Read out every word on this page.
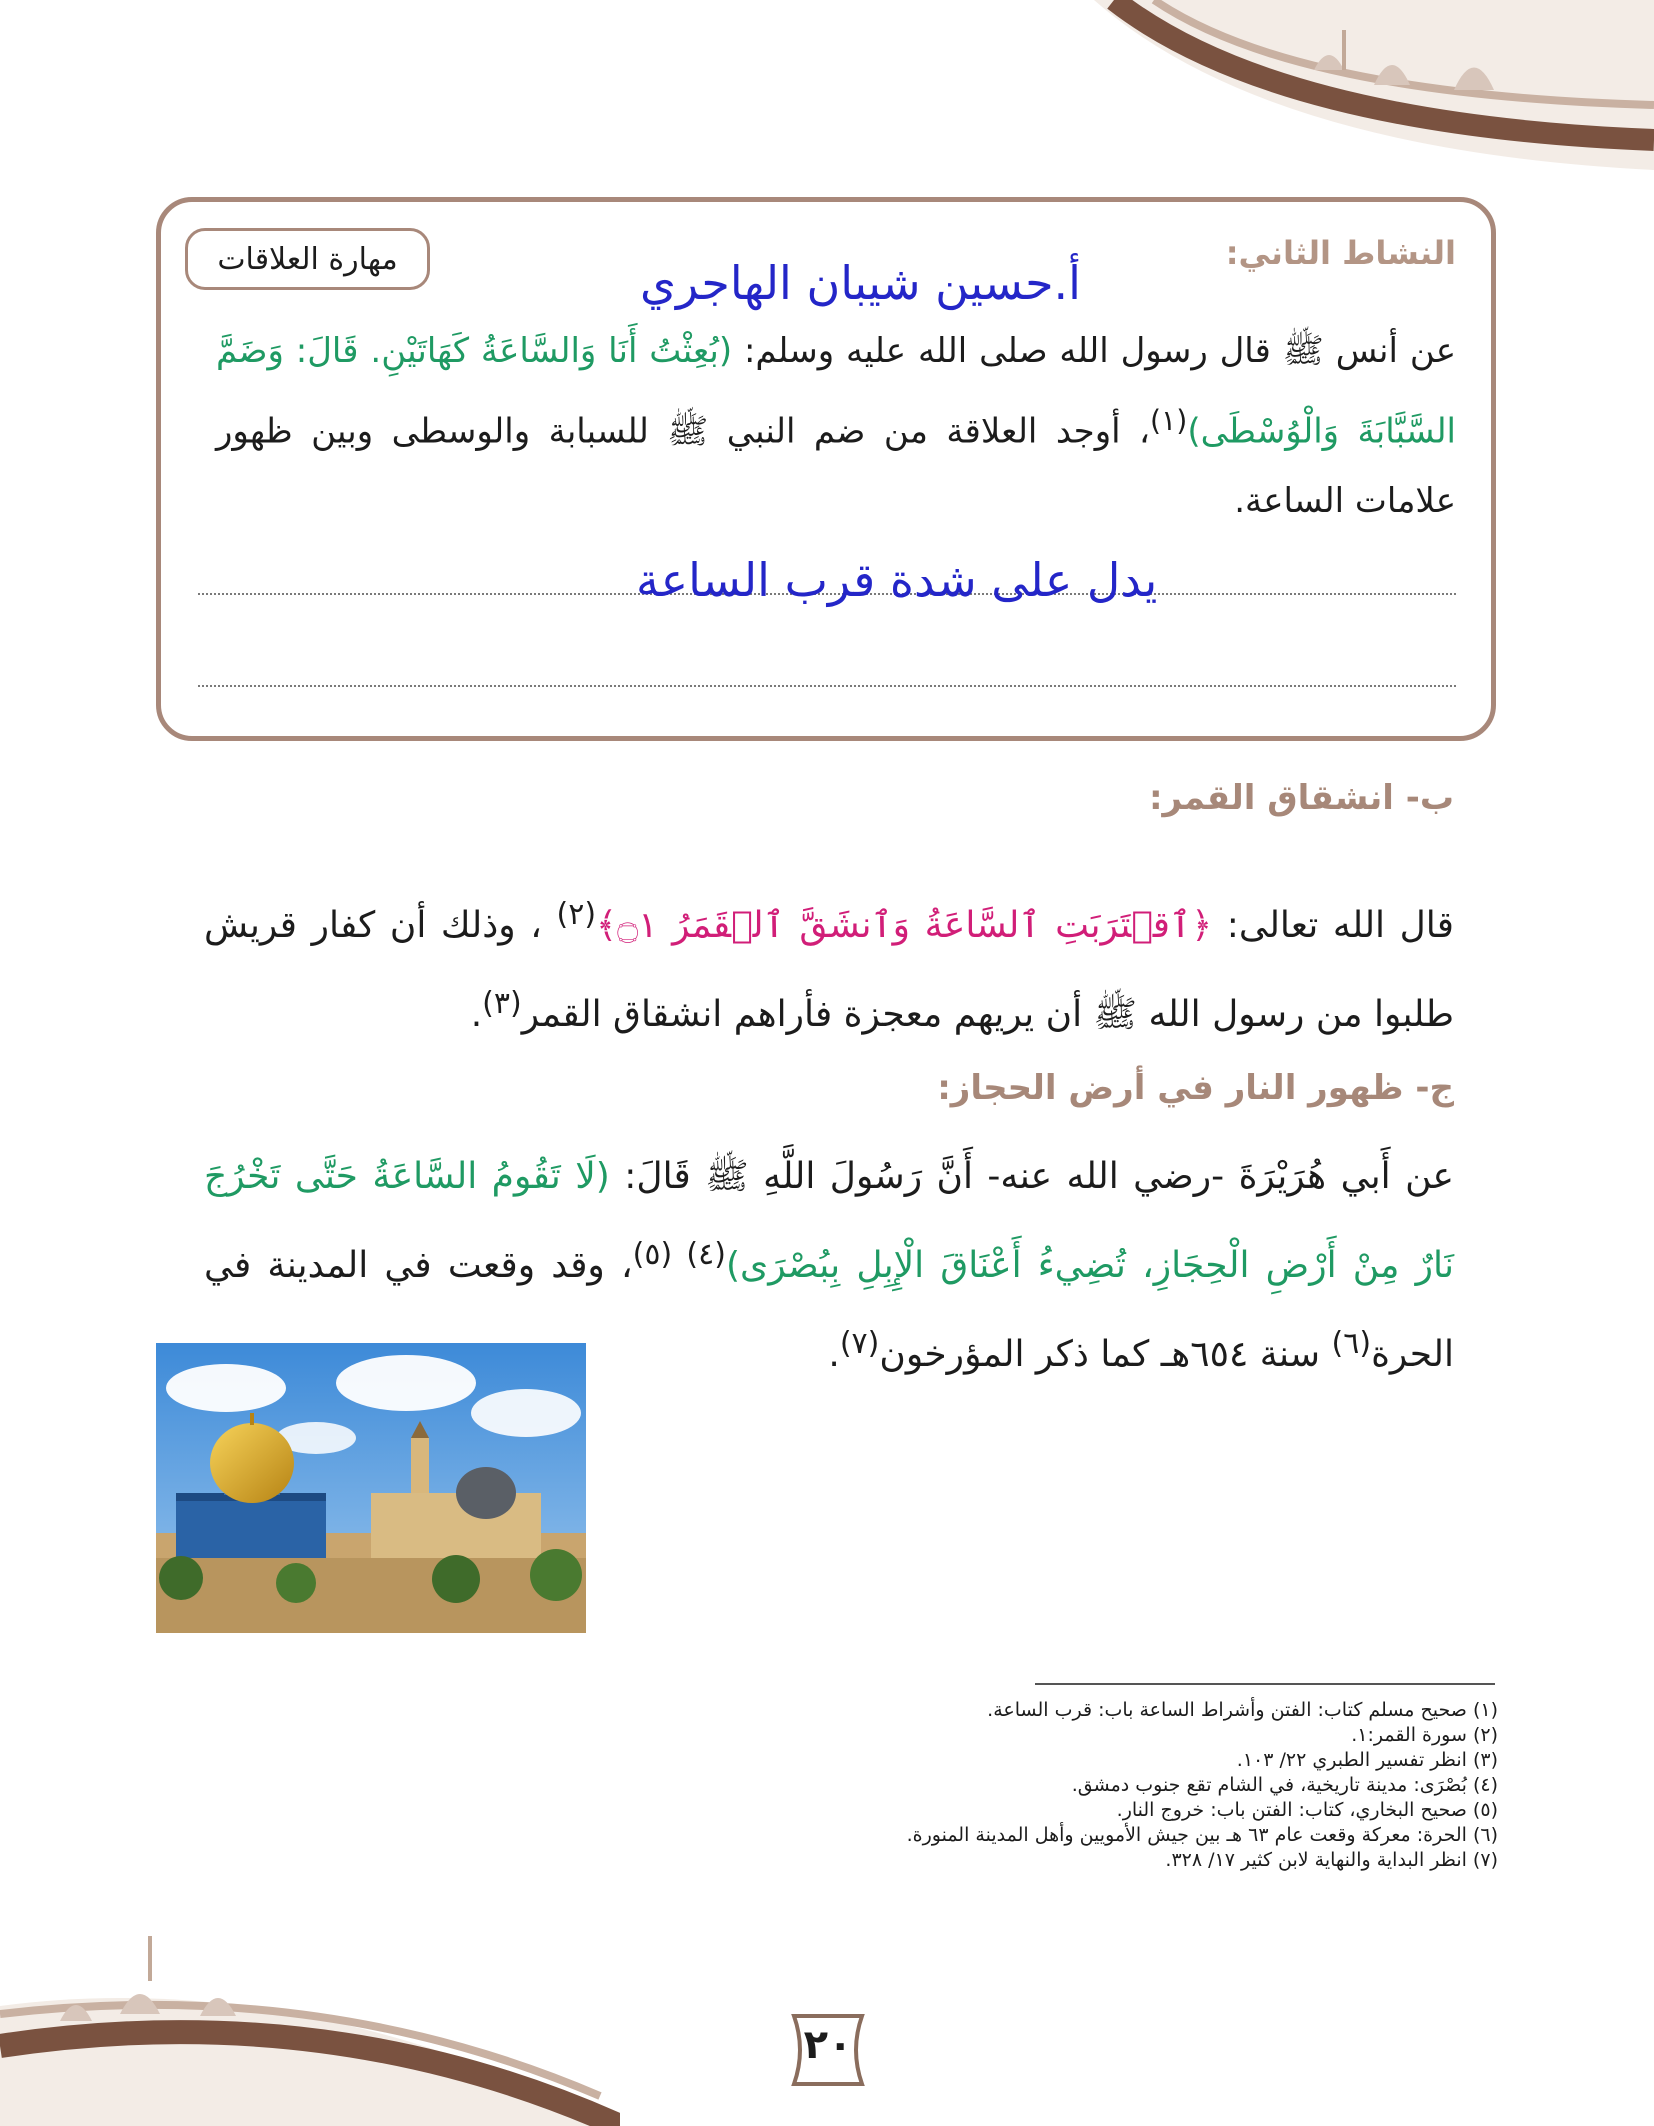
مهارة العلاقات	النشاط الثاني:
أ.حسين شيبان الهاجري
عن أنس ﷺ قال رسول الله صلى الله عليه وسلم: (بُعِثْتُ أَنَا وَالسَّاعَةُ كَهَاتَيْنِ. قَالَ: وَضَمَّ السَّبَّابَةَ وَالْوُسْطَى)$^{(١)}$، أوجد العلاقة من ضم النبي ﷺ للسبابة والوسطى وبين ظهور علامات الساعة.
يدل على شدة قرب الساعة
ب- انشقاق القمر:
قال الله تعالى: ﴿ٱقۡتَرَبَتِ ٱلسَّاعَةُ وَٱنشَقَّ ٱلۡقَمَرُ ۝١﴾$^{(٢)}$ ، وذلك أن كفار قريش طلبوا من رسول الله ﷺ أن يريهم معجزة فأراهم انشقاق القمر$^{(٣)}$.
ج- ظهور النار في أرض الحجاز:
عن أَبي هُرَيْرَةَ -رضي الله عنه- أَنَّ رَسُولَ اللَّهِ ﷺ قَالَ: (لَا تَقُومُ السَّاعَةُ حَتَّى تَخْرُجَ نَارٌ مِنْ أَرْضِ الْحِجَازِ، تُضِيءُ أَعْنَاقَ الْإِبِلِ بِبُصْرَى)$^{(٤) (٥)}$، وقد وقعت في المدينة في الحرة$^{(٦)}$ سنة ٦٥٤هـ كما ذكر المؤرخون$^{(٧)}$.
(١) صحيح مسلم كتاب: الفتن وأشراط الساعة باب: قرب الساعة.
(٢) سورة القمر:١.
(٣) انظر تفسير الطبري ٢٢/ ١٠٣.
(٤) بُصْرَى: مدينة تاريخية، في الشام تقع جنوب دمشق.
(٥) صحيح البخاري، كتاب: الفتن باب: خروج النار.
(٦) الحرة: معركة وقعت عام ٦٣ هـ بين جيش الأمويين وأهل المدينة المنورة.
(٧) انظر البداية والنهاية لابن كثير ١٧/ ٣٢٨.
٢٠
